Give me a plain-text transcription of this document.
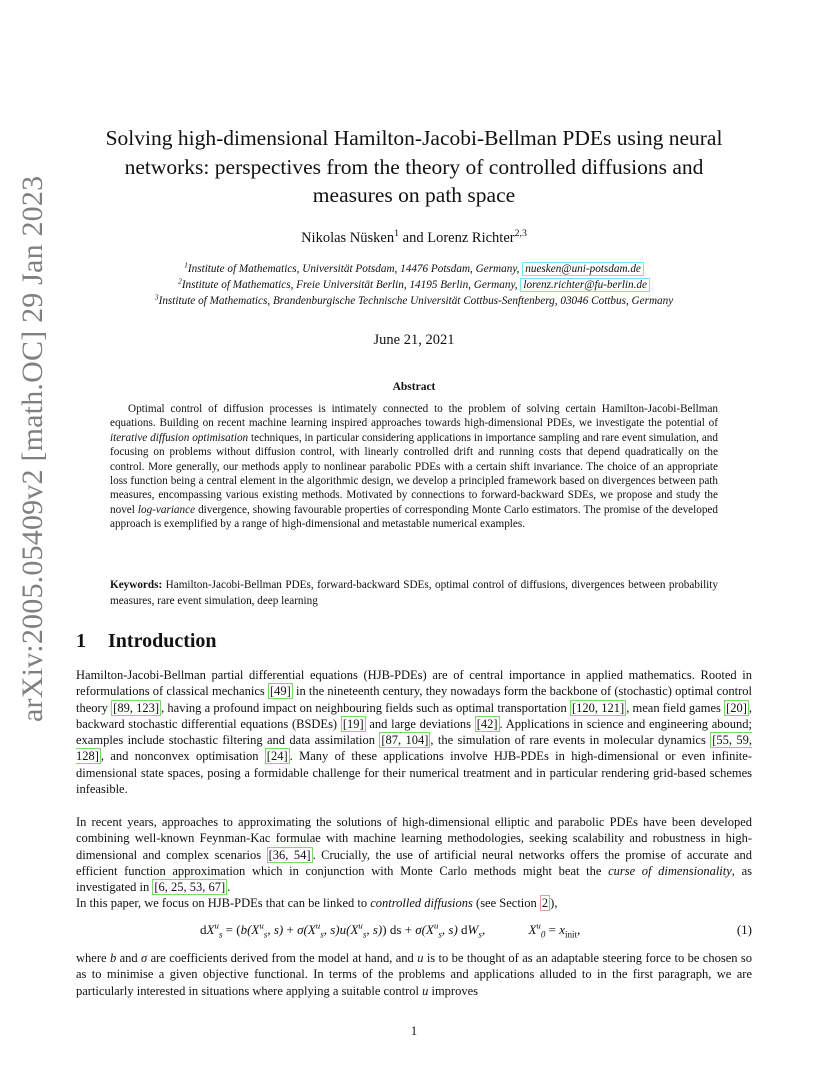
arXiv:2005.05409v2 [math.OC] 29 Jan 2023
Solving high-dimensional Hamilton-Jacobi-Bellman PDEs using neural networks: perspectives from the theory of controlled diffusions and measures on path space
Nikolas Nüsken$^1$ and Lorenz Richter$^{2,3}$
$^1$Institute of Mathematics, Universität Potsdam, 14476 Potsdam, Germany, nuesken@uni-potsdam.de
$^2$Institute of Mathematics, Freie Universität Berlin, 14195 Berlin, Germany, lorenz.richter@fu-berlin.de
$^3$Institute of Mathematics, Brandenburgische Technische Universität Cottbus-Senftenberg, 03046 Cottbus, Germany
June 21, 2021
Abstract
Optimal control of diffusion processes is intimately connected to the problem of solving certain Hamilton-Jacobi-Bellman equations. Building on recent machine learning inspired approaches towards high-dimensional PDEs, we investigate the potential of iterative diffusion optimisation techniques, in particular considering applications in importance sampling and rare event simulation, and focusing on problems without diffusion control, with linearly controlled drift and running costs that depend quadratically on the control. More generally, our methods apply to nonlinear parabolic PDEs with a certain shift invariance. The choice of an appropriate loss function being a central element in the algorithmic design, we develop a principled framework based on divergences between path measures, encompassing various existing methods. Motivated by connections to forward-backward SDEs, we propose and study the novel log-variance divergence, showing favourable properties of corresponding Monte Carlo estimators. The promise of the developed approach is exemplified by a range of high-dimensional and metastable numerical examples.
Keywords: Hamilton-Jacobi-Bellman PDEs, forward-backward SDEs, optimal control of diffusions, divergences between probability measures, rare event simulation, deep learning
1 Introduction
Hamilton-Jacobi-Bellman partial differential equations (HJB-PDEs) are of central importance in applied mathematics. Rooted in reformulations of classical mechanics [49] in the nineteenth century, they nowadays form the backbone of (stochastic) optimal control theory [89, 123] , having a profound impact on neighbouring fields such as optimal transportation [120, 121] , mean field games [20] , backward stochastic differential equations (BSDEs) [19] and large deviations [42] . Applications in science and engineering abound; examples include stochastic filtering and data assimilation [87, 104] , the simulation of rare events in molecular dynamics [55, 59, 128] , and nonconvex optimisation [24] . Many of these applications involve HJB-PDEs in high-dimensional or even infinite-dimensional state spaces, posing a formidable challenge for their numerical treatment and in particular rendering grid-based schemes infeasible.
In recent years, approaches to approximating the solutions of high-dimensional elliptic and parabolic PDEs have been developed combining well-known Feynman-Kac formulae with machine learning methodologies, seeking scalability and robustness in high-dimensional and complex scenarios [36, 54] . Crucially, the use of artificial neural networks offers the promise of accurate and efficient function approximation which in conjunction with Monte Carlo methods might beat the curse of dimensionality, as investigated in [6, 25, 53, 67] .
In this paper, we focus on HJB-PDEs that can be linked to controlled diffusions (see Section 2 ),
$dX^u_s = (b(X^u_s$, $s) + \sigma(X^u_s$, $s)u(X^u_s$, s)) ds + $\sigma(X^u_s$, s) $dW_s$,	$X^u_0 = x_{init}$,	(1)
where b and σ are coefficients derived from the model at hand, and u is to be thought of as an adaptable steering force to be chosen so as to minimise a given objective functional. In terms of the problems and applications alluded to in the first paragraph, we are particularly interested in situations where applying a suitable control u improves
1
